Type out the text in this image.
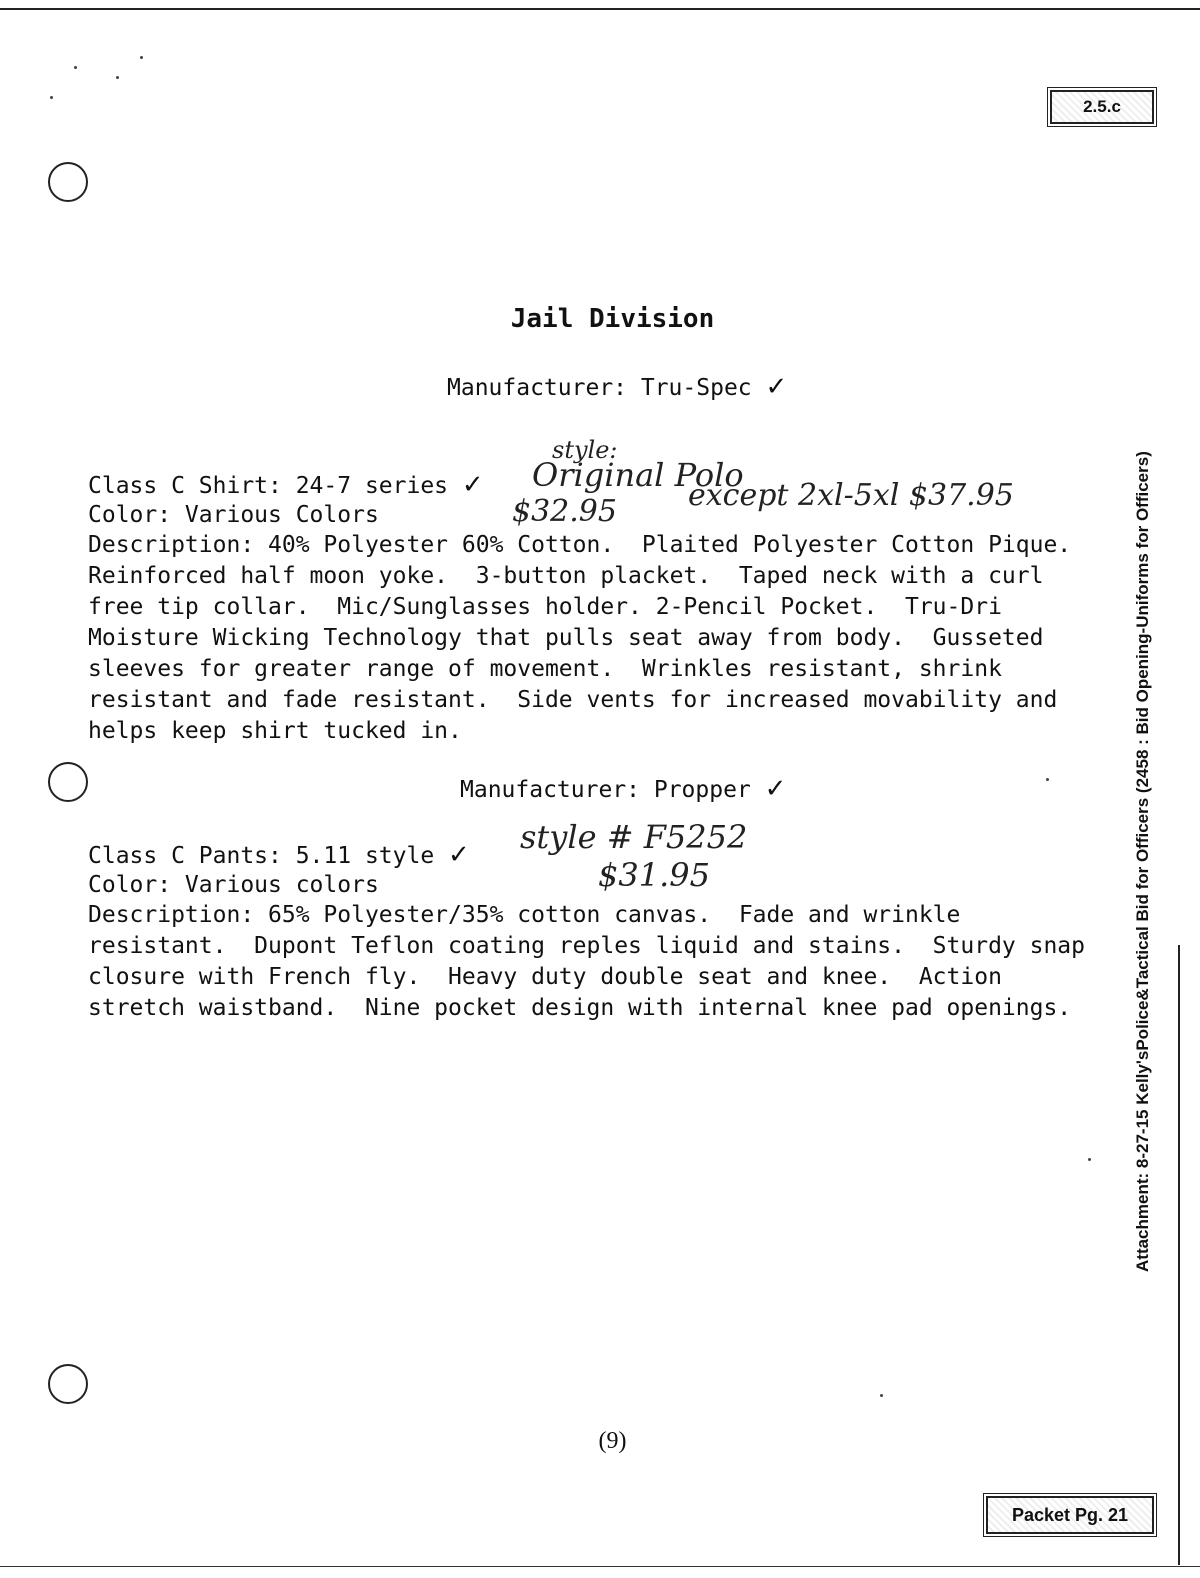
2.5.c
Packet Pg. 21
Jail Division
Manufacturer: Tru-Spec ✓
style:
Original Polo
Class C Shirt: 24-7 series ✓
Color: Various Colors	$32.95 except 2xl-5xl $37.95
Description: 40% Polyester 60% Cotton.  Plaited Polyester Cotton Pique.
Reinforced half moon yoke.  3-button placket.  Taped neck with a curl
free tip collar.  Mic/Sunglasses holder. 2-Pencil Pocket.  Tru-Dri
Moisture Wicking Technology that pulls seat away from body.  Gusseted
sleeves for greater range of movement.  Wrinkles resistant, shrink
resistant and fade resistant.  Side vents for increased movability and
helps keep shirt tucked in.
Manufacturer: Propper ✓
Class C Pants: 5.11 style ✓ style # F5252
Color: Various colors	$31.95
Description: 65% Polyester/35% cotton canvas.  Fade and wrinkle
resistant.  Dupont Teflon coating reples liquid and stains.  Sturdy snap
closure with French fly.  Heavy duty double seat and knee.  Action
stretch waistband.  Nine pocket design with internal knee pad openings.
(9)
Attachment: 8-27-15 Kelly'sPolice&Tactical Bid for Officers (2458 : Bid Opening-Uniforms for Officers)
